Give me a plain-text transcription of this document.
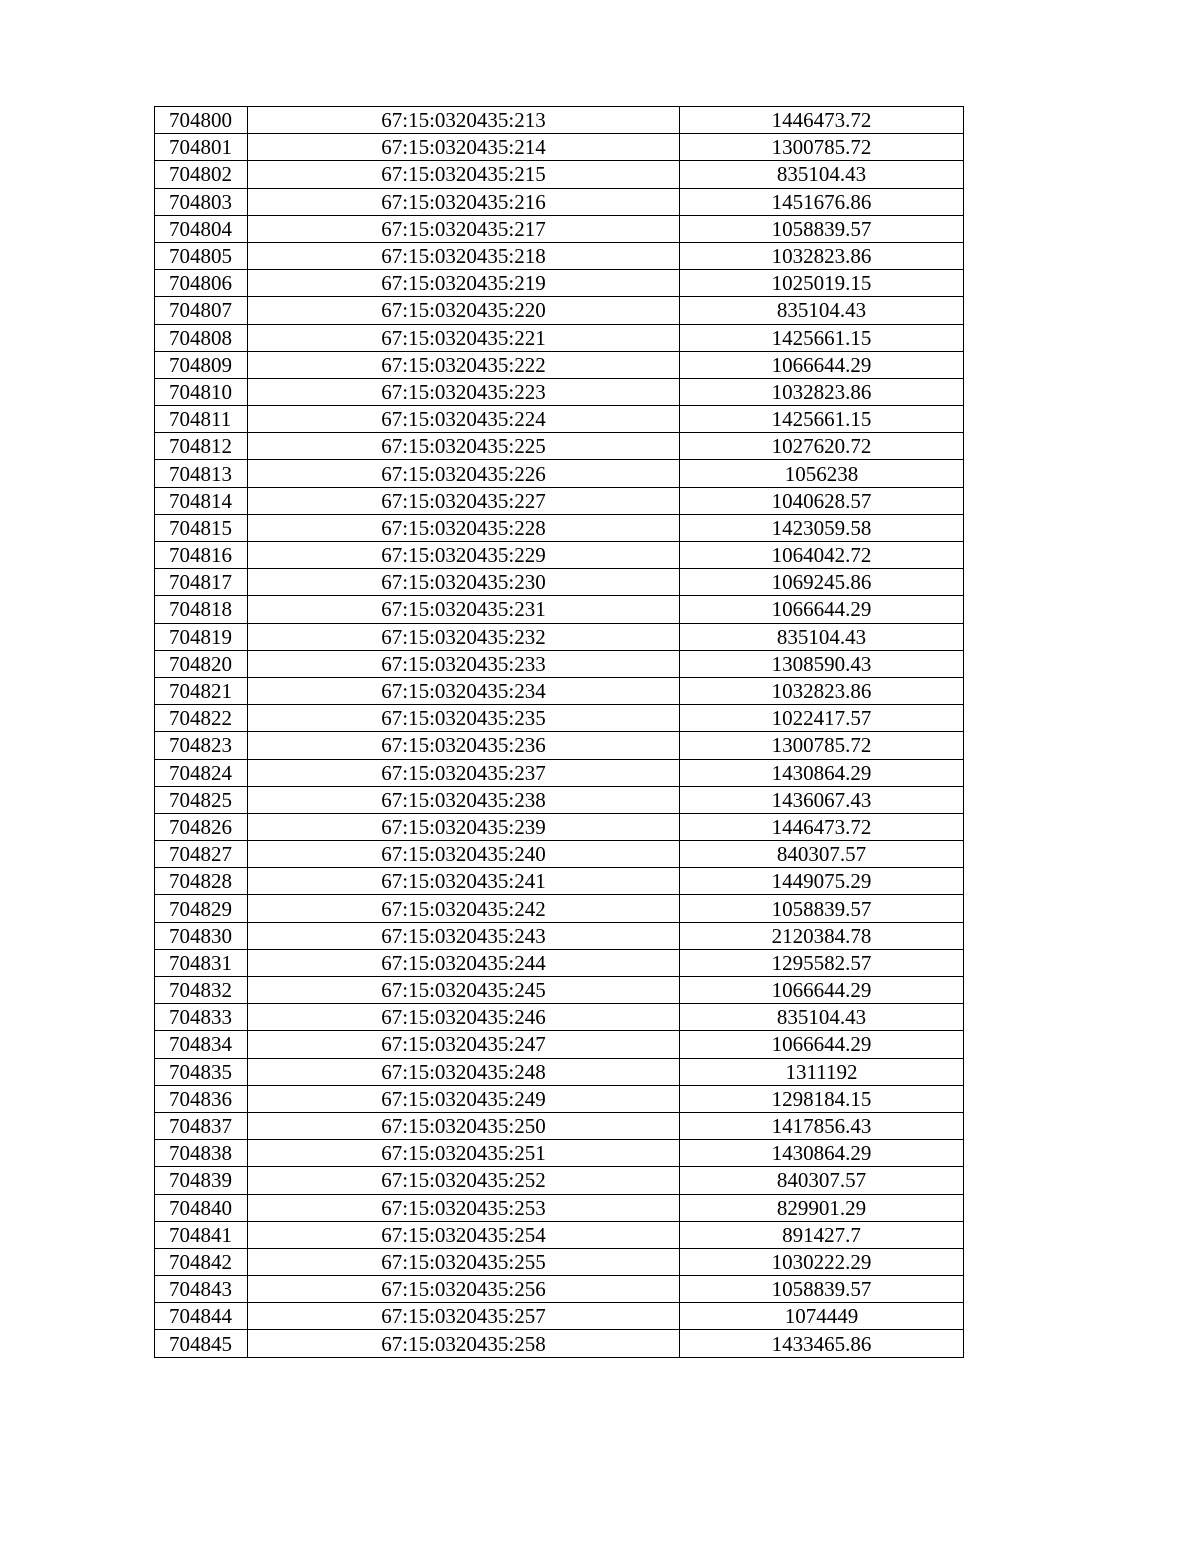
704800	67:15:0320435:213	1446473.72
704801	67:15:0320435:214	1300785.72
704802	67:15:0320435:215	835104.43
704803	67:15:0320435:216	1451676.86
704804	67:15:0320435:217	1058839.57
704805	67:15:0320435:218	1032823.86
704806	67:15:0320435:219	1025019.15
704807	67:15:0320435:220	835104.43
704808	67:15:0320435:221	1425661.15
704809	67:15:0320435:222	1066644.29
704810	67:15:0320435:223	1032823.86
704811	67:15:0320435:224	1425661.15
704812	67:15:0320435:225	1027620.72
704813	67:15:0320435:226	1056238
704814	67:15:0320435:227	1040628.57
704815	67:15:0320435:228	1423059.58
704816	67:15:0320435:229	1064042.72
704817	67:15:0320435:230	1069245.86
704818	67:15:0320435:231	1066644.29
704819	67:15:0320435:232	835104.43
704820	67:15:0320435:233	1308590.43
704821	67:15:0320435:234	1032823.86
704822	67:15:0320435:235	1022417.57
704823	67:15:0320435:236	1300785.72
704824	67:15:0320435:237	1430864.29
704825	67:15:0320435:238	1436067.43
704826	67:15:0320435:239	1446473.72
704827	67:15:0320435:240	840307.57
704828	67:15:0320435:241	1449075.29
704829	67:15:0320435:242	1058839.57
704830	67:15:0320435:243	2120384.78
704831	67:15:0320435:244	1295582.57
704832	67:15:0320435:245	1066644.29
704833	67:15:0320435:246	835104.43
704834	67:15:0320435:247	1066644.29
704835	67:15:0320435:248	1311192
704836	67:15:0320435:249	1298184.15
704837	67:15:0320435:250	1417856.43
704838	67:15:0320435:251	1430864.29
704839	67:15:0320435:252	840307.57
704840	67:15:0320435:253	829901.29
704841	67:15:0320435:254	891427.7
704842	67:15:0320435:255	1030222.29
704843	67:15:0320435:256	1058839.57
704844	67:15:0320435:257	1074449
704845	67:15:0320435:258	1433465.86
